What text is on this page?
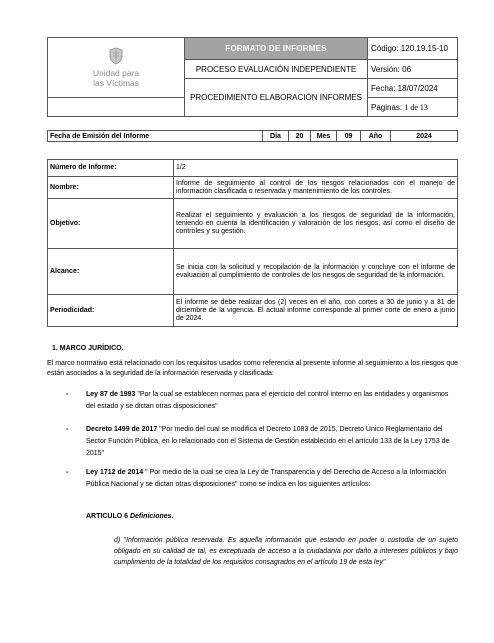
Unidad para
las Víctimas	FORMATO DE INFORMES	Código: 120.19.15-10
	PROCESO EVALUACIÓN INDEPENDIENTE	Versión: 06
	PROCEDIMIENTO ELABORACIÓN INFORMES	Fecha: 18/07/2024
		Paginas: 1 de 13
Fecha de Emisión del Informe	Día	20	Mes	09	Año	2024
Número de Informe:	1/2
Nombre:	Informe de seguimiento al control de los riesgos relacionados con el manejo de información clasificada o reservada y mantenimiento de los controles.
Objetivo:	Realizar el seguimiento y evaluación a los riesgos de seguridad de la información, teniendo en cuenta la identificación y valoración de los riesgos, así como el diseño de controles y su gestión.
Alcance:	Se inicia con la solicitud y recopilación de la información y concluye con el informe de evaluación al cumplimiento de controles de los riesgos de seguridad de la información.
Periodicidad:	El informe se debe realizar dos (2) veces en el año, con cortes a 30 de junio y a 31 de diciembre de la vigencia. El actual informe corresponde al primer corte de enero a junio de 2024.
1. MARCO JURÍDICO.
El marco normativo está relacionado con los requisitos usados como referencia al presente informe al seguimiento a los riesgos que están asociados a la seguridad de la información reservada y clasificada:
-	Ley 87 de 1993 "Por la cual se establecen normas para el ejercicio del control interno en las entidades y organismos del estado y se dictan otras disposiciones"
-	Decreto 1499 de 2017 "Por medio del cual se modifica el Decreto 1083 de 2015, Decreto Único Reglamentario del Sector Función Pública, en lo relacionado con el Sistema de Gestión establecido en el artículo 133 de la Ley 1753 de 2015"
-	Ley 1712 de 2014 " Por medio de la cual se crea la Ley de Transparencia y del Derecho de Acceso a la Información Pública Nacional y se dictan otras disposiciones" como se indica en los siguientes artículos:
ARTICULO 6 Definiciones.
d) "Información pública reservada. Es aquella información que estando en poder o custodia de un sujeto obligado en su calidad de tal, es exceptuada de acceso a la ciudadanía por daño a intereses públicos y bajo cumplimiento de la totalidad de los requisitos consagrados en el artículo 19 de esta ley"
